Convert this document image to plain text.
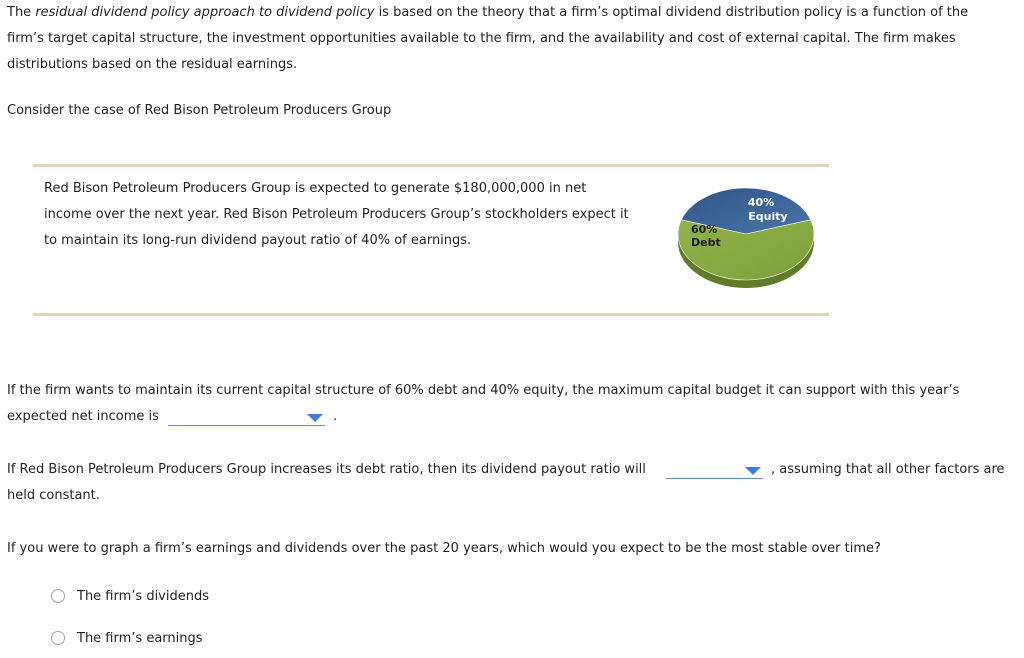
The residual dividend policy approach to dividend policy is based on the theory that a firm’s optimal dividend distribution policy is a function of the

firm’s target capital structure, the investment opportunities available to the firm, and the availability and cost of external capital. The firm makes

distributions based on the residual earnings.

Consider the case of Red Bison Petroleum Producers Group

Red Bison Petroleum Producers Group is expected to generate $180,000,000 in net

income over the next year. Red Bison Petroleum Producers Group’s stockholders expect it

to maintain its long-run dividend payout ratio of 40% of earnings.

60%
Debt
40%
Equity

If the firm wants to maintain its current capital structure of 60% debt and 40% equity, the maximum capital budget it can support with this year’s

expected net income is	.

If Red Bison Petroleum Producers Group increases its debt ratio, then its dividend payout ratio will

held constant.

, assuming that all other factors are

If you were to graph a firm’s earnings and dividends over the past 20 years, which would you expect to be the most stable over time?

The firm’s dividends
The firm’s earnings
